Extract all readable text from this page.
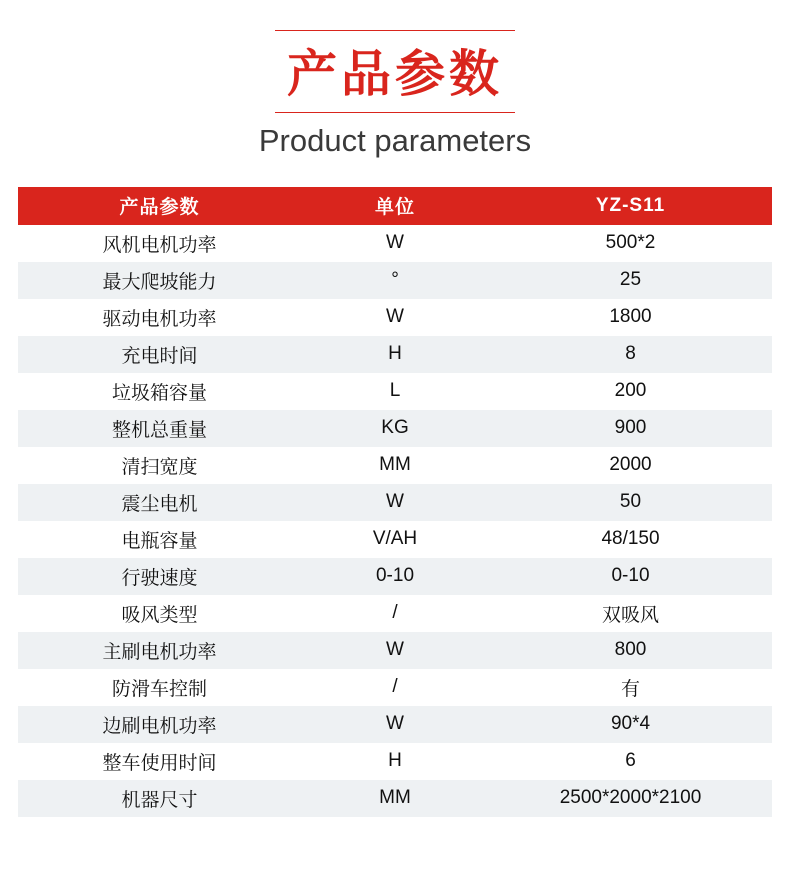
产品参数
Product parameters
产品参数	单位	YZ-S11
风机电机功率	W	500*2
最大爬坡能力	°	25
驱动电机功率	W	1800
充电时间	H	8
垃圾箱容量	L	200
整机总重量	KG	900
清扫宽度	MM	2000
震尘电机	W	50
电瓶容量	V/AH	48/150
行驶速度	0-10	0-10
吸风类型	/	双吸风
主刷电机功率	W	800
防滑车控制	/	有
边刷电机功率	W	90*4
整车使用时间	H	6
机器尺寸	MM	2500*2000*2100
